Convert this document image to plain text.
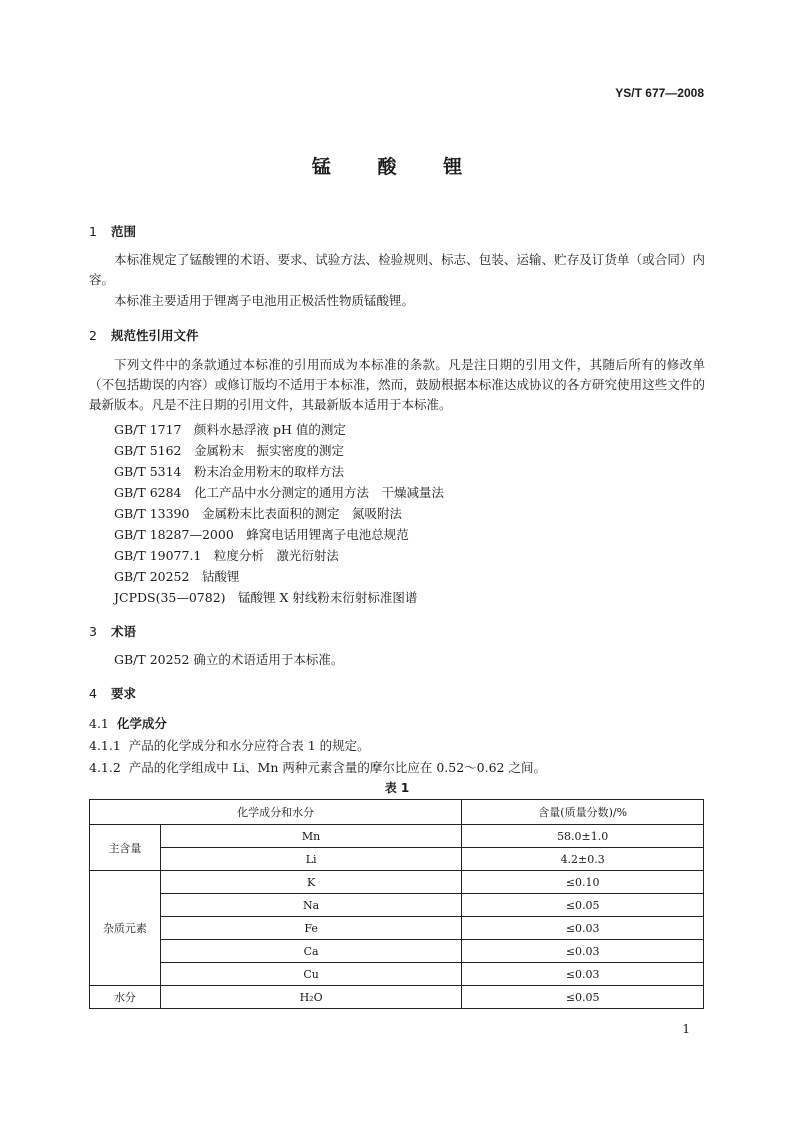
YS/T 677—2008
锰 酸 锂
1 范围
本标准规定了锰酸锂的术语、要求、试验方法、检验规则、标志、包装、运输、贮存及订货单（或合同）内容。
本标准主要适用于锂离子电池用正极活性物质锰酸锂。
2 规范性引用文件
下列文件中的条款通过本标准的引用而成为本标准的条款。凡是注日期的引用文件，其随后所有的修改单（不包括勘误的内容）或修订版均不适用于本标准，然而，鼓励根据本标准达成协议的各方研究使用这些文件的最新版本。凡是不注日期的引用文件，其最新版本适用于本标准。
GB/T 1717　颜料水悬浮液 pH 值的测定
GB/T 5162　金属粉末　振实密度的测定
GB/T 5314　粉末冶金用粉末的取样方法
GB/T 6284　化工产品中水分测定的通用方法　干燥减量法
GB/T 13390　金属粉末比表面积的测定　氮吸附法
GB/T 18287—2000　蜂窝电话用锂离子电池总规范
GB/T 19077.1　粒度分析　激光衍射法
GB/T 20252　钴酸锂
JCPDS(35—0782)　锰酸锂 X 射线粉末衍射标准图谱
3 术语
GB/T 20252 确立的术语适用于本标准。
4 要求
4.1 化学成分
4.1.1 产品的化学成分和水分应符合表 1 的规定。
4.1.2 产品的化学组成中 Li、Mn 两种元素含量的摩尔比应在 0.52～0.62 之间。
表 1
化学成分和水分		含量(质量分数)/%
主含量	Mn	58.0±1.0
	Li	4.2±0.3
杂质元素	K	≤0.10
	Na	≤0.05
	Fe	≤0.03
	Ca	≤0.03
	Cu	≤0.03
水分	H₂O	≤0.05
1
